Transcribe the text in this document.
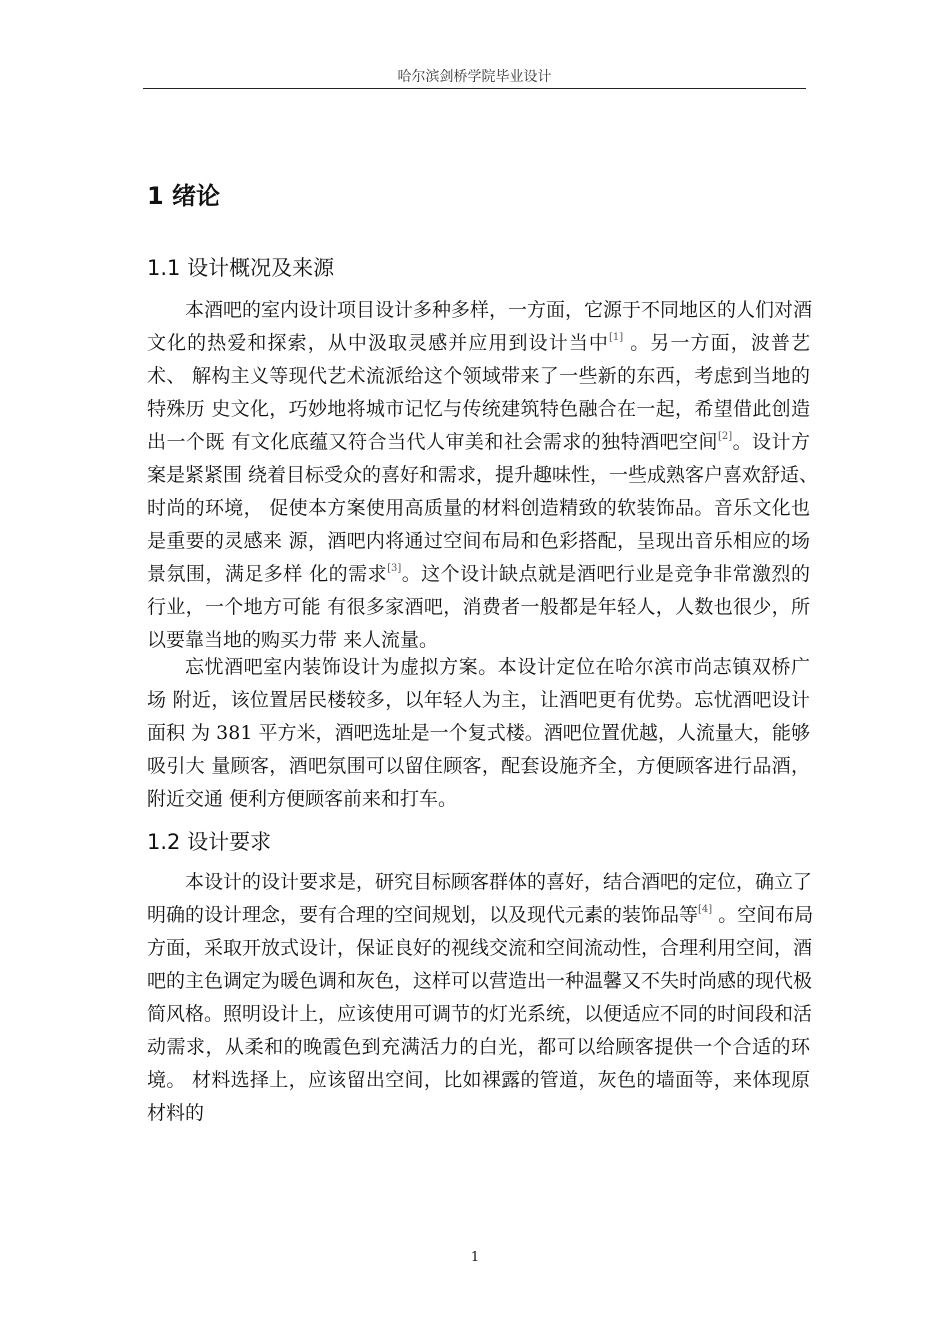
哈尔滨剑桥学院毕业设计
1 绪论
1.1 设计概况及来源
本酒吧的室内设计项目设计多种多样，一方面，它源于不同地区的人们对酒
文化的热爱和探索，从中汲取灵感并应用到设计当中[1] 。另一方面，波普艺
术、 解构主义等现代艺术流派给这个领域带来了一些新的东西，考虑到当地的
特殊历 史文化，巧妙地将城市记忆与传统建筑特色融合在一起，希望借此创造
出一个既 有文化底蕴又符合当代人审美和社会需求的独特酒吧空间[2]。设计方
案是紧紧围 绕着目标受众的喜好和需求，提升趣味性，一些成熟客户喜欢舒适、
时尚的环境， 促使本方案使用高质量的材料创造精致的软装饰品。音乐文化也
是重要的灵感来 源，酒吧内将通过空间布局和色彩搭配，呈现出音乐相应的场
景氛围，满足多样 化的需求[3]。这个设计缺点就是酒吧行业是竞争非常激烈的
行业，一个地方可能 有很多家酒吧，消费者一般都是年轻人，人数也很少，所
以要靠当地的购买力带 来人流量。
忘忧酒吧室内装饰设计为虚拟方案。本设计定位在哈尔滨市尚志镇双桥广
场 附近，该位置居民楼较多，以年轻人为主，让酒吧更有优势。忘忧酒吧设计
面积 为 381 平方米，酒吧选址是一个复式楼。酒吧位置优越，人流量大，能够
吸引大 量顾客，酒吧氛围可以留住顾客，配套设施齐全，方便顾客进行品酒，
附近交通 便利方便顾客前来和打车。
1.2 设计要求
本设计的设计要求是，研究目标顾客群体的喜好，结合酒吧的定位，确立了
明确的设计理念，要有合理的空间规划，以及现代元素的装饰品等[4] 。空间布局
方面，采取开放式设计，保证良好的视线交流和空间流动性，合理利用空间，酒
吧的主色调定为暖色调和灰色，这样可以营造出一种温馨又不失时尚感的现代极
简风格。照明设计上，应该使用可调节的灯光系统，以便适应不同的时间段和活
动需求，从柔和的晚霞色到充满活力的白光，都可以给顾客提供一个合适的环
境。 材料选择上，应该留出空间，比如裸露的管道，灰色的墙面等，来体现原
材料的
1
